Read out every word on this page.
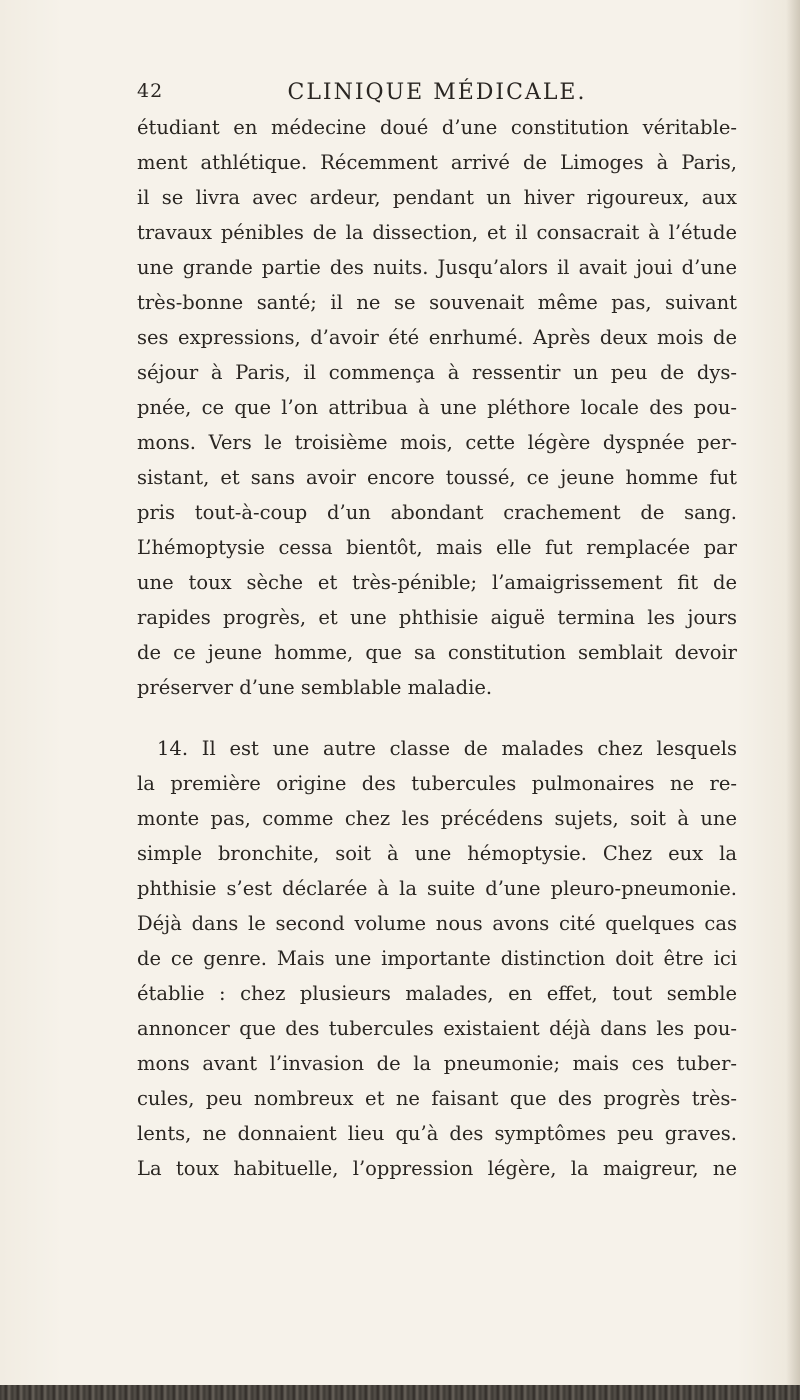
42	CLINIQUE MÉDICALE.
étudiant en médecine doué d’une constitution véritable-
ment athlétique. Récemment arrivé de Limoges à Paris,
il se livra avec ardeur, pendant un hiver rigoureux, aux
travaux pénibles de la dissection, et il consacrait à l’étude
une grande partie des nuits. Jusqu’alors il avait joui d’une
très-bonne santé; il ne se souvenait même pas, suivant
ses expressions, d’avoir été enrhumé. Après deux mois de
séjour à Paris, il commença à ressentir un peu de dys-
pnée, ce que l’on attribua à une pléthore locale des pou-
mons. Vers le troisième mois, cette légère dyspnée per-
sistant, et sans avoir encore toussé, ce jeune homme fut
pris tout-à-coup d’un abondant crachement de sang.
L’hémoptysie cessa bientôt, mais elle fut remplacée par
une toux sèche et très-pénible; l’amaigrissement fit de
rapides progrès, et une phthisie aiguë termina les jours
de ce jeune homme, que sa constitution semblait devoir
préserver d’une semblable maladie.
14. Il est une autre classe de malades chez lesquels
la première origine des tubercules pulmonaires ne re-
monte pas, comme chez les précédens sujets, soit à une
simple bronchite, soit à une hémoptysie. Chez eux la
phthisie s’est déclarée à la suite d’une pleuro-pneumonie.
Déjà dans le second volume nous avons cité quelques cas
de ce genre. Mais une importante distinction doit être ici
établie : chez plusieurs malades, en effet, tout semble
annoncer que des tubercules existaient déjà dans les pou-
mons avant l’invasion de la pneumonie; mais ces tuber-
cules, peu nombreux et ne faisant que des progrès très-
lents, ne donnaient lieu qu’à des symptômes peu graves.
La toux habituelle, l’oppression légère, la maigreur, ne
